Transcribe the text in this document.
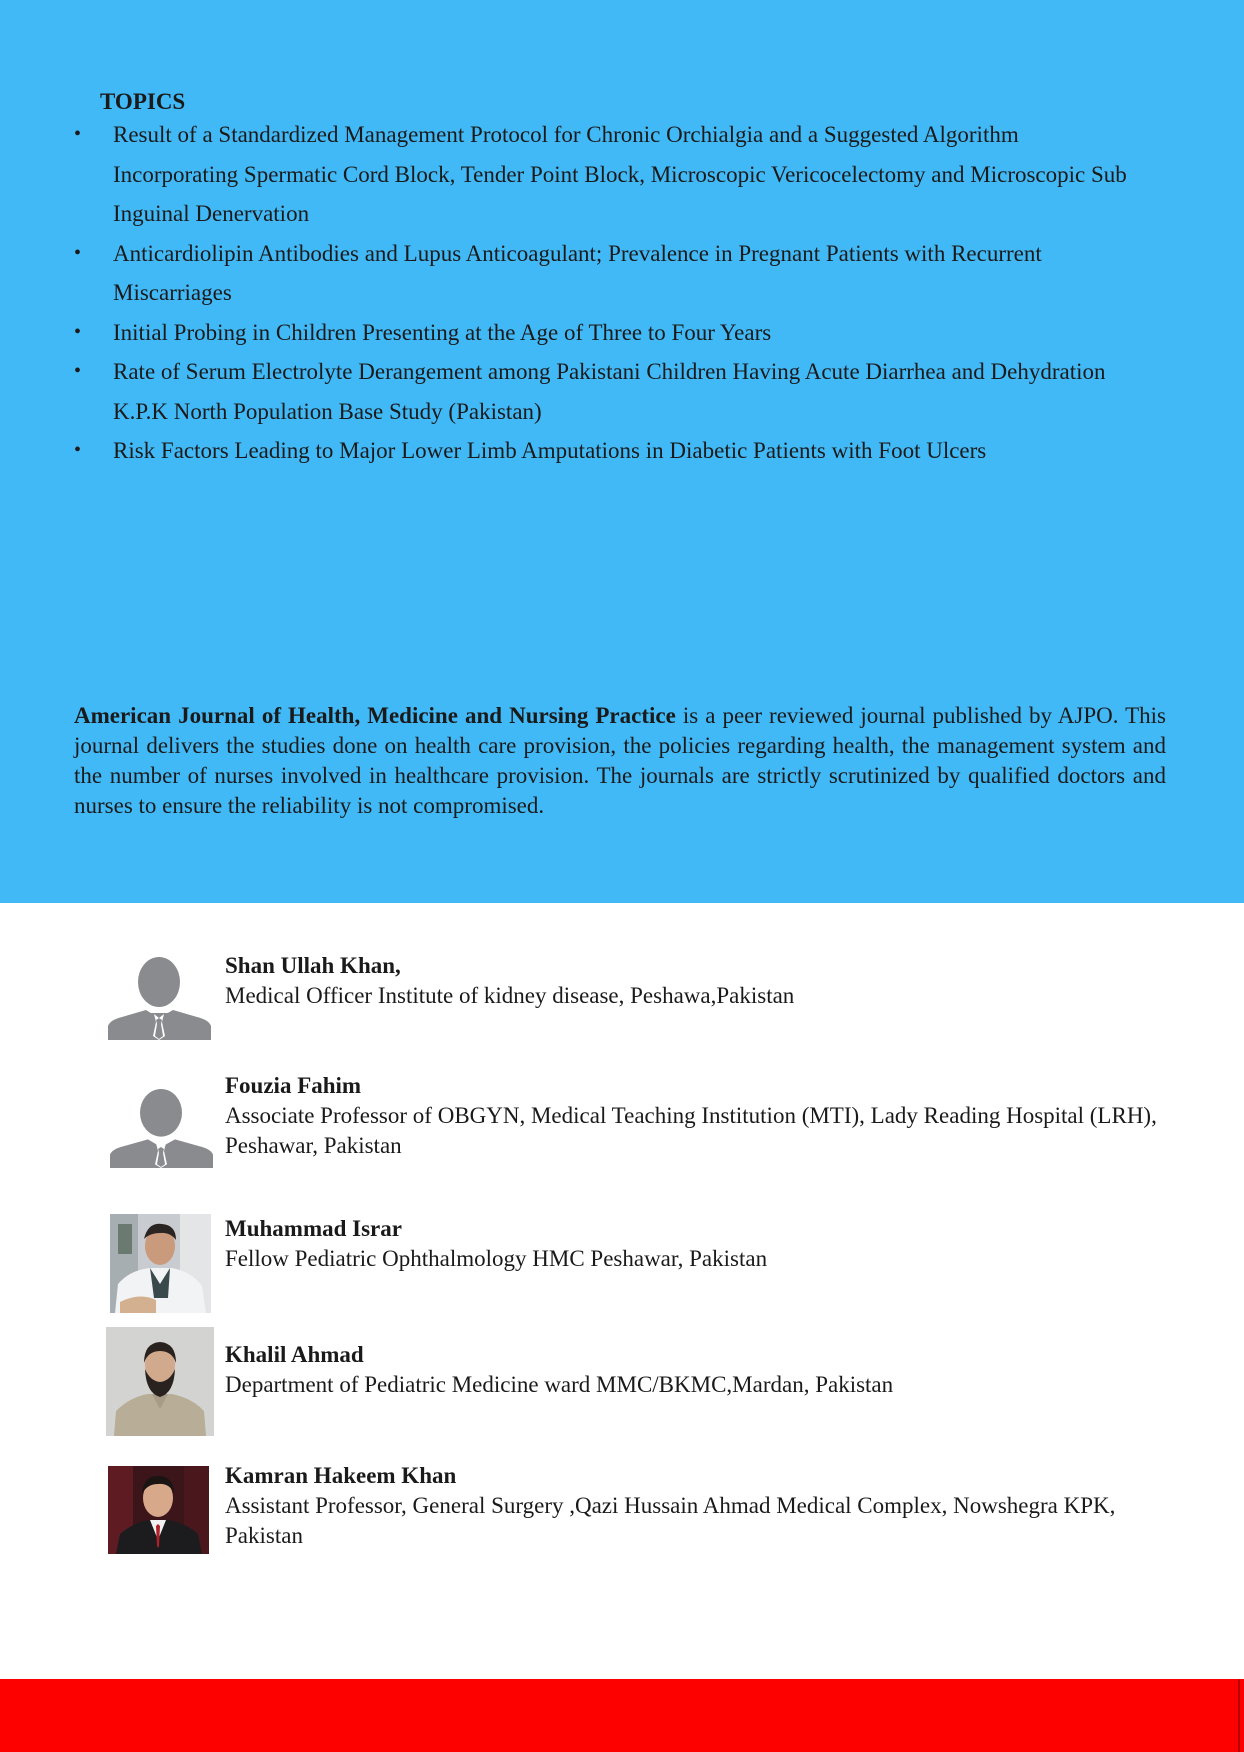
TOPICS
• Result of a Standardized Management Protocol for Chronic Orchialgia and a Suggested Algorithm Incorporating Spermatic Cord Block, Tender Point Block, Microscopic Vericocelectomy and Microscopic Sub Inguinal Denervation
• Anticardiolipin Antibodies and Lupus Anticoagulant; Prevalence in Pregnant Patients with Recurrent Miscarriages
• Initial Probing in Children Presenting at the Age of Three to Four Years
• Rate of Serum Electrolyte Derangement among Pakistani Children Having Acute Diarrhea and Dehydration K.P.K North Population Base Study (Pakistan)
• Risk Factors Leading to Major Lower Limb Amputations in Diabetic Patients with Foot Ulcers

American Journal of Health, Medicine and Nursing Practice is a peer reviewed journal published by AJPO. This journal delivers the studies done on health care provision, the policies regarding health, the management system and the number of nurses involved in healthcare provision. The journals are strictly scrutinized by qualified doctors and nurses to ensure the reliability is not compromised.

Shan Ullah Khan,
Medical Officer Institute of kidney disease, Peshawa,Pakistan
Fouzia Fahim
Associate Professor of OBGYN, Medical Teaching Institution (MTI), Lady Reading Hospital (LRH), Peshawar, Pakistan
Muhammad Israr
Fellow Pediatric Ophthalmology HMC Peshawar, Pakistan
Khalil Ahmad
Department of Pediatric Medicine ward MMC/BKMC,Mardan, Pakistan
Kamran Hakeem Khan
Assistant Professor, General Surgery ,Qazi Hussain Ahmad Medical Complex, Nowshegra KPK, Pakistan
